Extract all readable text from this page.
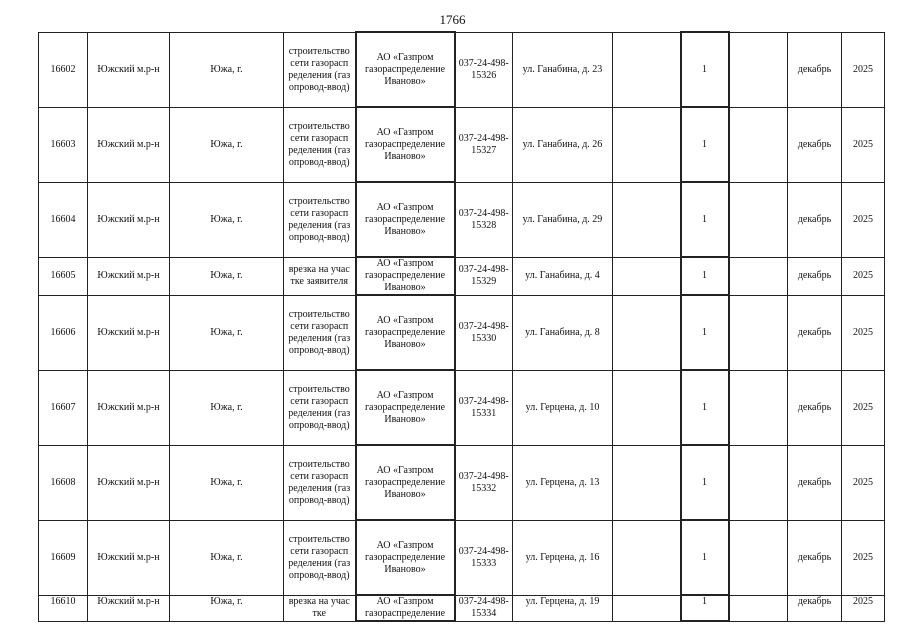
1766
16602	Южский м.р-н	Южа, г.	строительство сети газораспределения (газопровод-ввод)	АО «Газпром газораспределение Иваново»	037-24-498-15326	ул. Ганабина, д. 23		1		декабрь	2025
16603	Южский м.р-н	Южа, г.	строительство сети газораспределения (газопровод-ввод)	АО «Газпром газораспределение Иваново»	037-24-498-15327	ул. Ганабина, д. 26		1		декабрь	2025
16604	Южский м.р-н	Южа, г.	строительство сети газораспределения (газопровод-ввод)	АО «Газпром газораспределение Иваново»	037-24-498-15328	ул. Ганабина, д. 29		1		декабрь	2025
16605	Южский м.р-н	Южа, г.	врезка на участке заявителя	АО «Газпром газораспределение Иваново»	037-24-498-15329	ул. Ганабина, д. 4		1		декабрь	2025
16606	Южский м.р-н	Южа, г.	строительство сети газораспределения (газопровод-ввод)	АО «Газпром газораспределение Иваново»	037-24-498-15330	ул. Ганабина, д. 8		1		декабрь	2025
16607	Южский м.р-н	Южа, г.	строительство сети газораспределения (газопровод-ввод)	АО «Газпром газораспределение Иваново»	037-24-498-15331	ул. Герцена, д. 10		1		декабрь	2025
16608	Южский м.р-н	Южа, г.	строительство сети газораспределения (газопровод-ввод)	АО «Газпром газораспределение Иваново»	037-24-498-15332	ул. Герцена, д. 13		1		декабрь	2025
16609	Южский м.р-н	Южа, г.	строительство сети газораспределения (газопровод-ввод)	АО «Газпром газораспределение Иваново»	037-24-498-15333	ул. Герцена, д. 16		1		декабрь	2025
16610	Южский м.р-н	Южа, г.	врезка на участке	АО «Газпром газораспределение	037-24-498-15334	ул. Герцена, д. 19		1		декабрь	2025
